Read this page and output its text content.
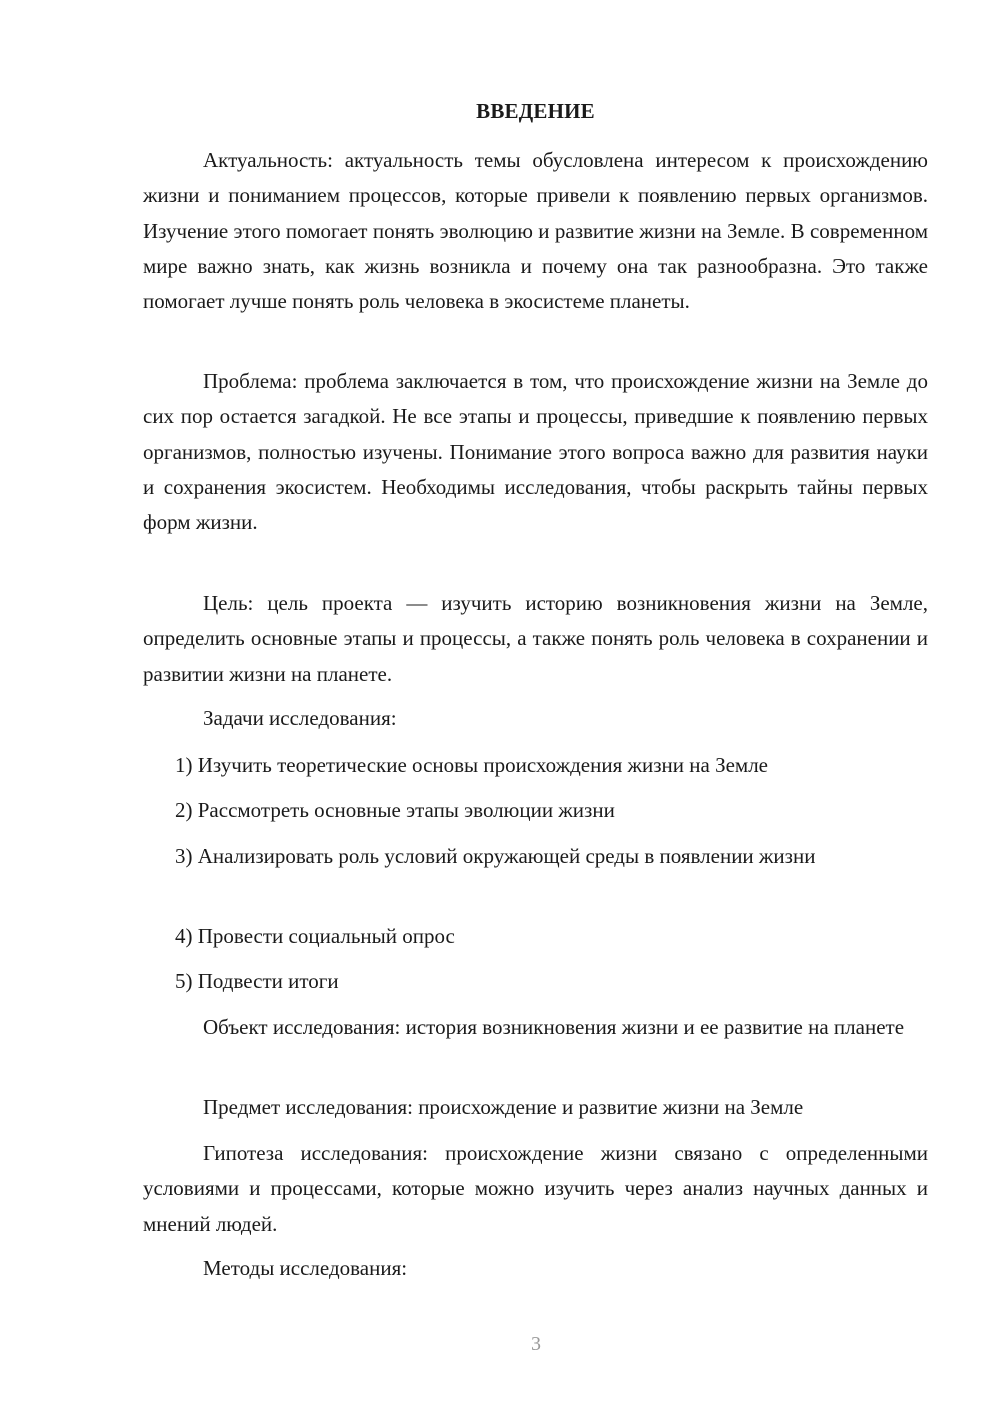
ВВЕДЕНИЕ

Актуальность: актуальность темы обусловлена интересом к происхождению жизни и пониманием процессов, которые привели к появлению первых организмов. Изучение этого помогает понять эволюцию и развитие жизни на Земле. В современном мире важно знать, как жизнь возникла и почему она так разнообразна. Это также помогает лучше понять роль человека в экосистеме планеты.

Проблема: проблема заключается в том, что происхождение жизни на Земле до сих пор остается загадкой. Не все этапы и процессы, приведшие к появлению первых организмов, полностью изучены. Понимание этого вопроса важно для развития науки и сохранения экосистем. Необходимы исследования, чтобы раскрыть тайны первых форм жизни.

Цель: цель проекта — изучить историю возникновения жизни на Земле, определить основные этапы и процессы, а также понять роль человека в сохранении и развитии жизни на планете.

Задачи исследования:

1) Изучить теоретические основы происхождения жизни на Земле

2) Рассмотреть основные этапы эволюции жизни

3) Анализировать роль условий окружающей среды в появлении жизни

4) Провести социальный опрос

5) Подвести итоги

Объект исследования: история возникновения жизни и ее развитие на планете

Предмет исследования: происхождение и развитие жизни на Земле

Гипотеза исследования: происхождение жизни связано с определенными условиями и процессами, которые можно изучить через анализ научных данных и мнений людей.

Методы исследования:

3
